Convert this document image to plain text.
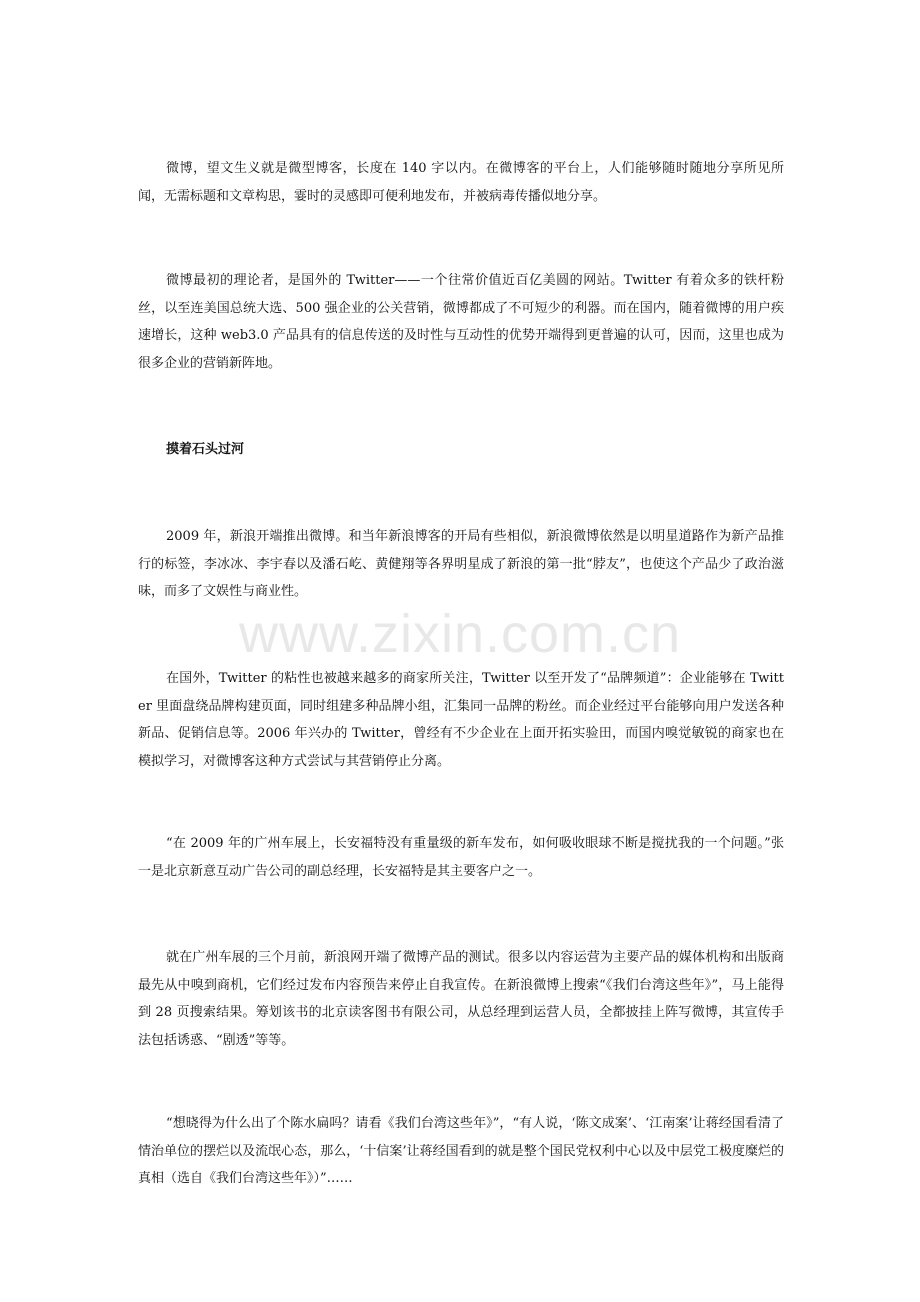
www.zixin.com.cn

微博，望文生义就是微型博客，长度在 140 字以内。在微博客的平台上，人们能够随时随地分享所见所闻，无需标题和文章构思，霎时的灵感即可便利地发布，并被病毒传播似地分享。

微博最初的理论者，是国外的 Twitter——一个往常价值近百亿美圆的网站。Twitter 有着众多的铁杆粉丝，以至连美国总统大选、500 强企业的公关营销，微博都成了不可短少的利器。而在国内，随着微博的用户疾速增长，这种 web3.0 产品具有的信息传送的及时性与互动性的优势开端得到更普遍的认可，因而，这里也成为很多企业的营销新阵地。

摸着石头过河

2009 年，新浪开端推出微博。和当年新浪博客的开局有些相似，新浪微博依然是以明星道路作为新产品推行的标签，李冰冰、李宇春以及潘石屹、黄健翔等各界明星成了新浪的第一批“脖友”，也使这个产品少了政治滋味，而多了文娱性与商业性。

在国外，Twitter 的粘性也被越来越多的商家所关注，Twitter 以至开发了“品牌频道”：企业能够在 Twitter 里面盘绕品牌构建页面，同时组建多种品牌小组，汇集同一品牌的粉丝。而企业经过平台能够向用户发送各种新品、促销信息等。2006 年兴办的 Twitter，曾经有不少企业在上面开拓实验田，而国内嗅觉敏锐的商家也在模拟学习，对微博客这种方式尝试与其营销停止分离。

“在 2009 年的广州车展上，长安福特没有重量级的新车发布，如何吸收眼球不断是搅扰我的一个问题。”张一是北京新意互动广告公司的副总经理，长安福特是其主要客户之一。

就在广州车展的三个月前，新浪网开端了微博产品的测试。很多以内容运营为主要产品的媒体机构和出版商最先从中嗅到商机，它们经过发布内容预告来停止自我宣传。在新浪微博上搜索“《我们台湾这些年》”，马上能得到 28 页搜索结果。筹划该书的北京读客图书有限公司，从总经理到运营人员，全都披挂上阵写微博，其宣传手法包括诱惑、“剧透”等等。

“想晓得为什么出了个陈水扁吗？请看《我们台湾这些年》”，“有人说，‘陈文成案’、‘江南案’让蒋经国看清了情治单位的摆烂以及流氓心态，那么，‘十信案’让蒋经国看到的就是整个国民党权利中心以及中层党工极度糜烂的真相（选自《我们台湾这些年》）”……
